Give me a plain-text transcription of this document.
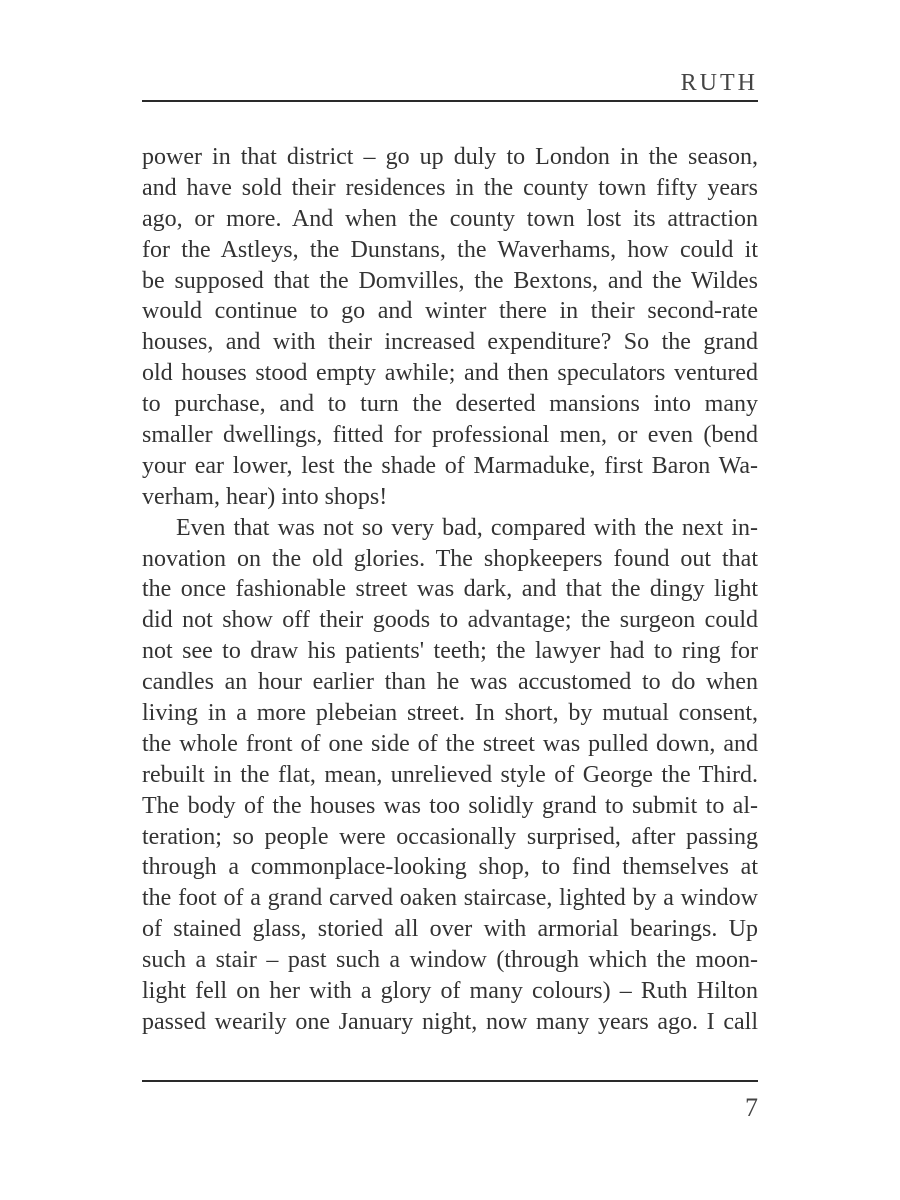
RUTH
power in that district – go up duly to London in the season,
and have sold their residences in the county town fifty years
ago, or more. And when the county town lost its attraction
for the Astleys, the Dunstans, the Waverhams, how could it
be supposed that the Domvilles, the Bextons, and the Wildes
would continue to go and winter there in their second-rate
houses, and with their increased expenditure? So the grand
old houses stood empty awhile; and then speculators ventured
to purchase, and to turn the deserted mansions into many
smaller dwellings, fitted for professional men, or even (bend
your ear lower, lest the shade of Marmaduke, first Baron Wa-
verham, hear) into shops!
Even that was not so very bad, compared with the next in-
novation on the old glories. The shopkeepers found out that
the once fashionable street was dark, and that the dingy light
did not show off their goods to advantage; the surgeon could
not see to draw his patients' teeth; the lawyer had to ring for
candles an hour earlier than he was accustomed to do when
living in a more plebeian street. In short, by mutual consent,
the whole front of one side of the street was pulled down, and
rebuilt in the flat, mean, unrelieved style of George the Third.
The body of the houses was too solidly grand to submit to al-
teration; so people were occasionally surprised, after passing
through a commonplace-looking shop, to find themselves at
the foot of a grand carved oaken staircase, lighted by a window
of stained glass, storied all over with armorial bearings. Up
such a stair – past such a window (through which the moon-
light fell on her with a glory of many colours) – Ruth Hilton
passed wearily one January night, now many years ago. I call
7
